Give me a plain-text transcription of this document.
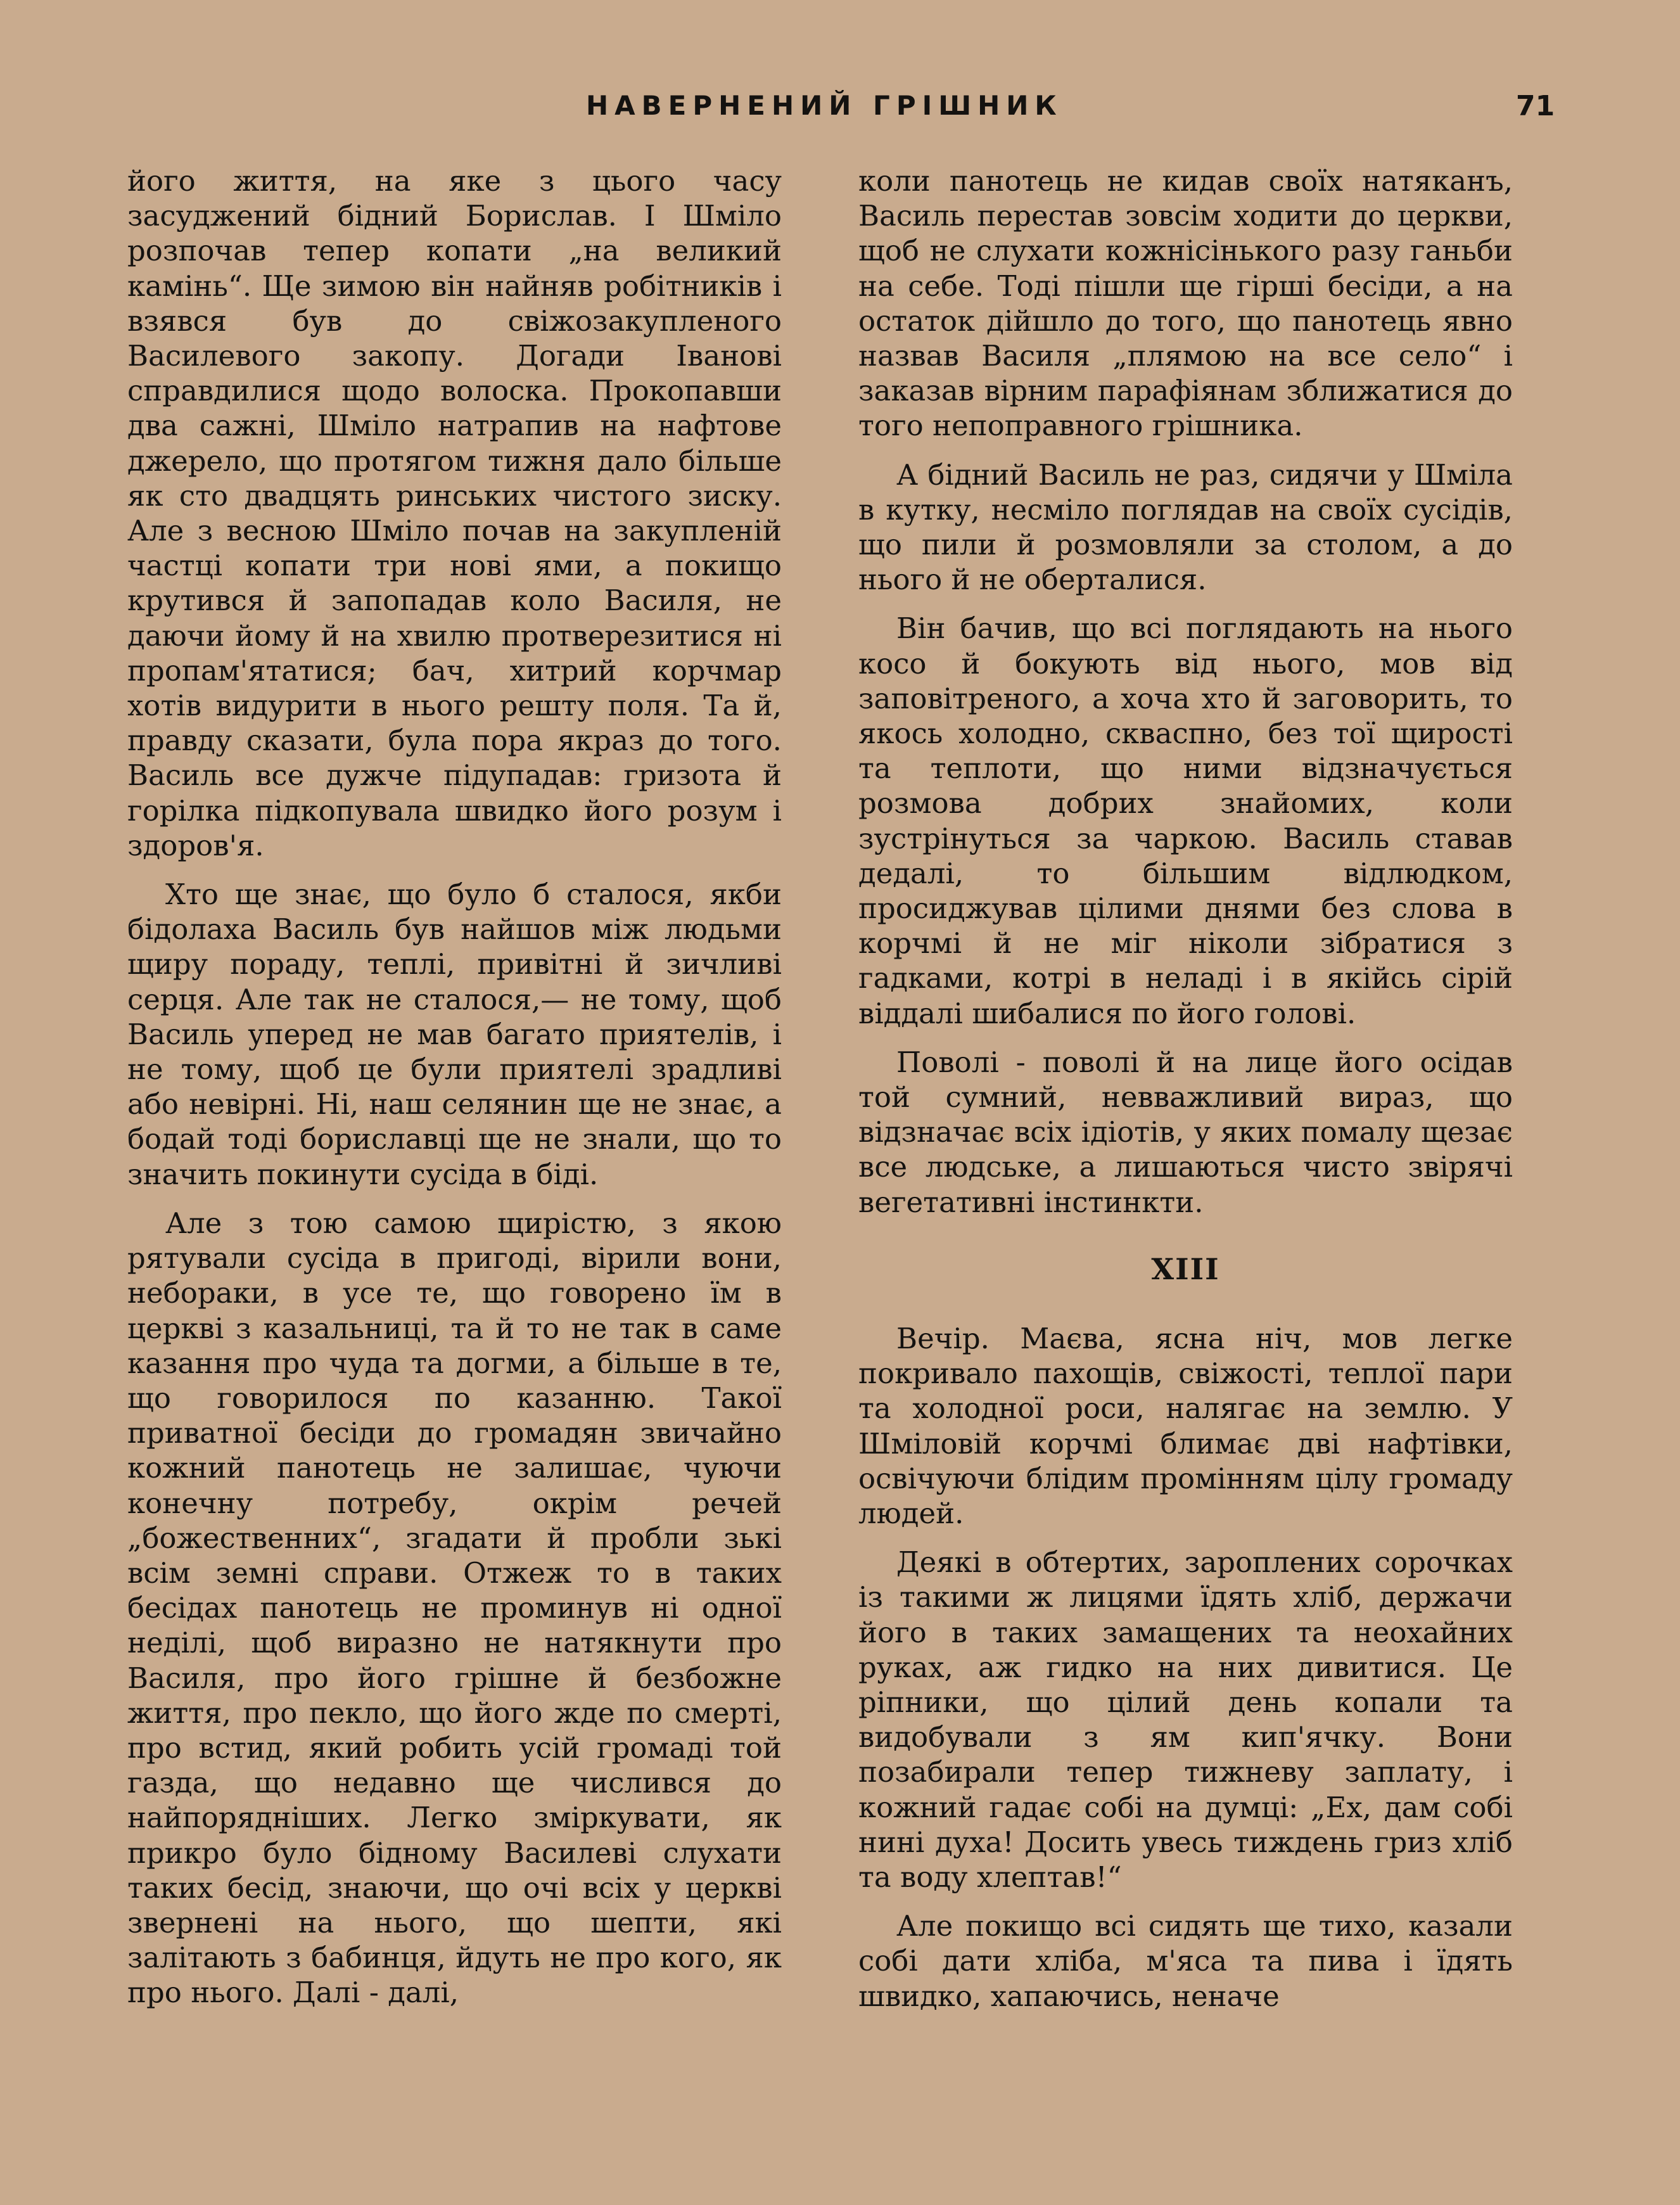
НАВЕРНЕНИЙ ГРІШНИК	71

його життя, на яке з цього часу засуджений бідний Борислав. І Шміло розпочав тепер копати „на великий камінь“. Ще зимою він найняв робітників і взявся був до свіжозакупленого Василевого закопу. Догади Івановi справдилися щодо волоска. Прокопавши два сажні, Шміло натрапив на нафтове джерело, що протягом тижня дало більше як сто двадцять ринських чистого зиску. Але з весною Шміло почав на закупленій частці копати три нові ями, а покищо крутився й запопадав коло Василя, не даючи йому й на хвилю протверезитися ні пропам'ятатися; бач, хитрий корчмар хотів видурити в нього решту поля. Та й, правду сказати, була пора якраз до того. Василь все дужче підупадав: гризота й горілка підкопувала швидко його розум і здоров'я.

Хто ще знає, що було б сталося, якби бідолаха Василь був найшов між людьми щиру пораду, теплі, привітні й зичливі серця. Але так не сталося,— не тому, щоб Василь уперед не мав багато приятелів, і не тому, щоб це були приятелі зрадливі або невірні. Ні, наш селянин ще не знає, а бодай тоді бориславці ще не знали, що то значить покинути сусіда в біді.

Але з тою самою щирістю, з якою рятували сусіда в пригоді, вірили вони, небораки, в усе те, що говорено їм в церкві з казальниці, та й то не так в саме казання про чуда та догми, а більше в те, що говорилося по казанню. Такої приватної бесіди до громадян звичайно кожний панотець не залишає, чуючи конечну потребу, окрім речей „божественних“, згадати й пробли зькі всім земні справи. Отжеж то в таких бесідах панотець не проминув ні одної неділі, щоб виразно не натякнути про Василя, про його грішне й безбожне життя, про пекло, що його жде по смерті, про встид, який робить усій громаді той газда, що недавно ще числився до найпорядніших. Легко зміркувати, як прикро було бідному Василеві слухати таких бесід, знаючи, що очі всіх у церкві звернені на нього, що шепти, які залітають з бабинця, йдуть не про кого, як про нього. Далі - далі,

коли панотець не кидав своїх натяканъ, Василь перестав зовсім ходити до церкви, щоб не слухати кожнісінького разу ганьби на себе. Тоді пішли ще гірші бесіди, а на остаток дійшло до того, що панотець явно назвав Василя „плямою на все село“ і заказав вірним парафіянам зближатися до того непоправного грішника.

А бідний Василь не раз, сидячи у Шміла в кутку, несміло поглядав на своїх сусідів, що пили й розмовляли за столом, а до нього й не оберталися.

Він бачив, що всі поглядають на нього косо й бокують від нього, мов від заповітреного, а хоча хто й заговорить, то якось холодно, скваспно, без тої щирості та теплоти, що ними відзначується розмова добрих знайомих, коли зустрінуться за чаркою. Василь ставав дедалі, то більшим відлюдком, просиджував цілими днями без слова в корчмі й не міг ніколи зібратися з гадками, котрі в неладі і в якійсь сірій віддалі шибалися по його голові.

Поволі - поволі й на лице його осідав той сумний, невважливий вираз, що відзначає всіх ідіотів, у яких помалу щезає все людське, а лишаються чисто звірячі вегетативні інстинкти.

XIII

Вечір. Маєва, ясна ніч, мов легке покривало пахощів, свіжості, теплої пари та холодної роси, налягає на землю. У Шміловій корчмі блимає дві нафтівки, освічуючи блідим промінням цілу громаду людей.

Деякі в обтертих, зароплених сорочках із такими ж лицями їдять хліб, держачи його в таких замащених та неохайних руках, аж гидко на них дивитися. Це ріпники, що цілий день копали та видобували з ям кип'ячку. Вони позабирали тепер тижневу заплату, і кожний гадає собі на думці: „Ех, дам собі нині духа! Досить увесь тиждень гриз хліб та воду хлептав!“

Але покищо всі сидять ще тихо, казали собі дати хліба, м'яса та пива і їдять швидко, хапаючись, неначе
